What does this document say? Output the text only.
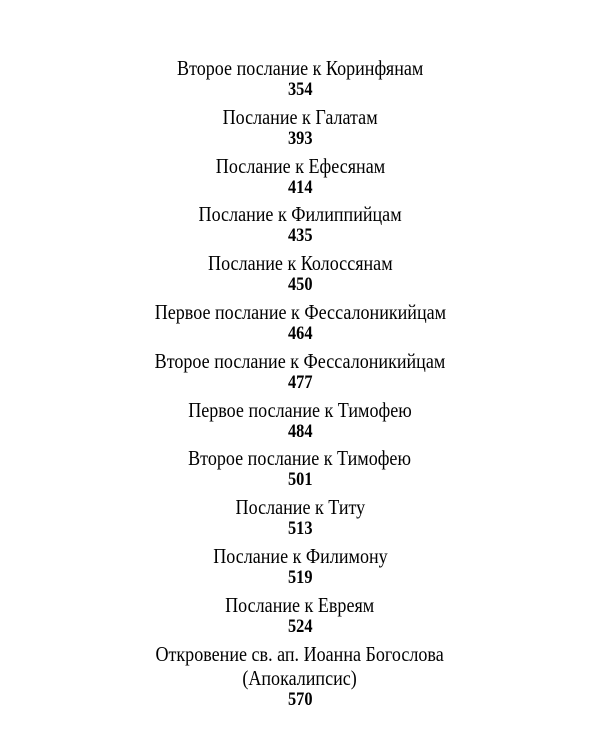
Второе послание к Коринфянам
354
Послание к Галатам
393
Послание к Ефесянам
414
Послание к Филиппийцам
435
Послание к Колоссянам
450
Первое послание к Фессалоникийцам
464
Второе послание к Фессалоникийцам
477
Первое послание к Тимофею
484
Второе послание к Тимофею
501
Послание к Титу
513
Послание к Филимону
519
Послание к Евреям
524
Откровение св. ап. Иоанна Богослова
(Апокалипсис)
570
